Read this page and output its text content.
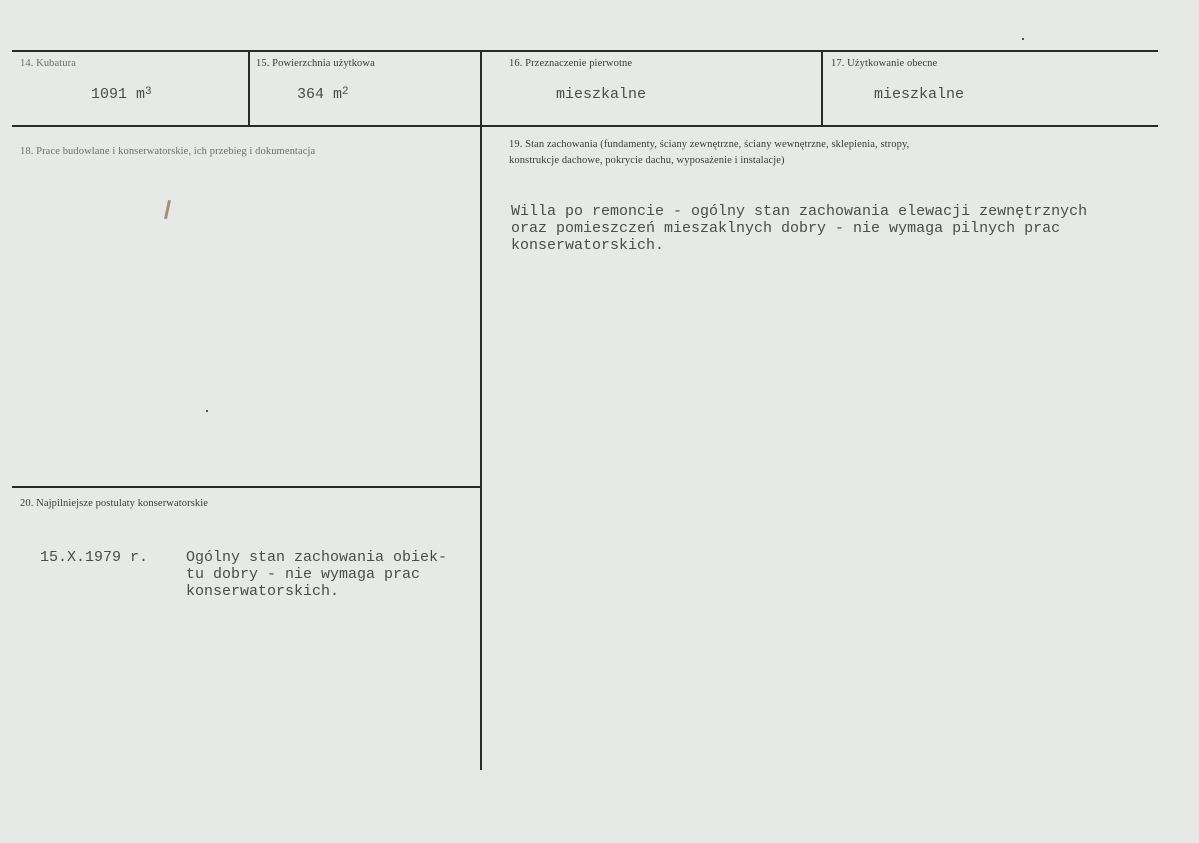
14. Kubatura
1091 $m^3$
15. Powierzchnia użytkowa
364 $m^2$
16. Przeznaczenie pierwotne
mieszkalne
17. Użytkowanie obecne
mieszkalne
18. Prace budowlane i konserwatorskie, ich przebieg i dokumentacja
19. Stan zachowania (fundamenty, ściany zewnętrzne, ściany wewnętrzne, sklepienia, stropy,
konstrukcje dachowe, pokrycie dachu, wyposażenie i instalacje)
Willa po remoncie - ogólny stan zachowania elewacji zewnętrznych
oraz pomieszczeń mieszaklnych dobry - nie wymaga pilnych prac
konserwatorskich.
20. Najpilniejsze postulaty konserwatorskie
15.X.1979 r.	Ogólny stan zachowania obiek-
tu dobry - nie wymaga prac
konserwatorskich.
